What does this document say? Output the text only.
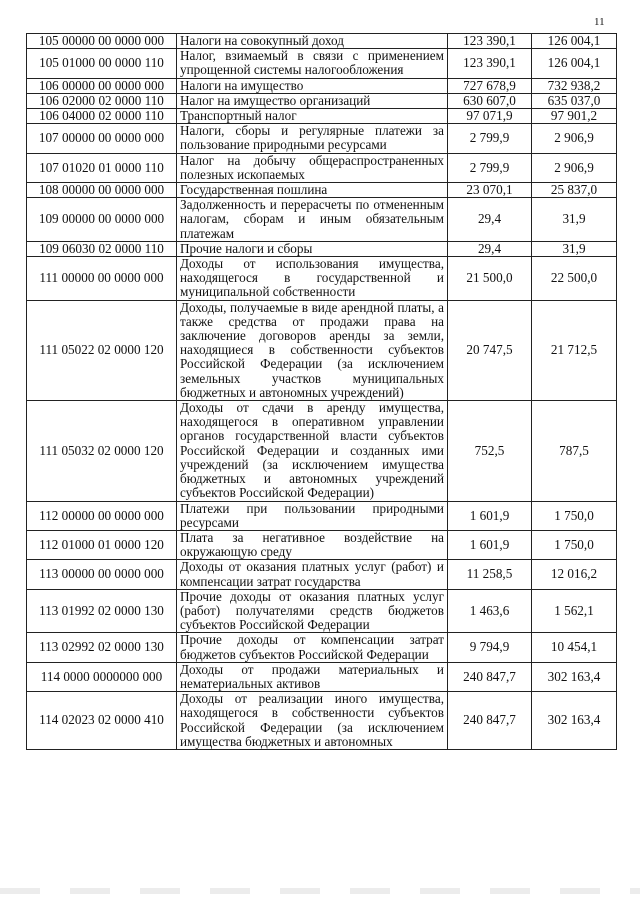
11
105 00000 00 0000 000	Налоги на совокупный доход	123 390,1	126 004,1
105 01000 00 0000 110	Налог, взимаемый в связи с применением упрощенной системы налогообложения	123 390,1	126 004,1
106 00000 00 0000 000	Налоги на имущество	727 678,9	732 938,2
106 02000 02 0000 110	Налог на имущество организаций	630 607,0	635 037,0
106 04000 02 0000 110	Транспортный налог	97 071,9	97 901,2
107 00000 00 0000 000	Налоги, сборы и регулярные платежи за пользование природными ресурсами	2 799,9	2 906,9
107 01020 01 0000 110	Налог на добычу общераспространенных полезных ископаемых	2 799,9	2 906,9
108 00000 00 0000 000	Государственная пошлина	23 070,1	25 837,0
109 00000 00 0000 000	Задолженность и перерасчеты по отмененным налогам, сборам и иным обязательным платежам	29,4	31,9
109 06030 02 0000 110	Прочие налоги и сборы	29,4	31,9
111 00000 00 0000 000	Доходы от использования имущества, находящегося в государственной и муниципальной собственности	21 500,0	22 500,0
111 05022 02 0000 120	Доходы, получаемые в виде арендной платы, а также средства от продажи права на заключение договоров аренды за земли, находящиеся в собственности субъектов Российской Федерации (за исключением земельных участков муниципальных бюджетных и автономных учреждений)	20 747,5	21 712,5
111 05032 02 0000 120	Доходы от сдачи в аренду имущества, находящегося в оперативном управлении органов государственной власти субъектов Российской Федерации и созданных ими учреждений (за исключением имущества бюджетных и автономных учреждений субъектов Российской Федерации)	752,5	787,5
112 00000 00 0000 000	Платежи при пользовании природными ресурсами	1 601,9	1 750,0
112 01000 01 0000 120	Плата за негативное воздействие на окружающую среду	1 601,9	1 750,0
113 00000 00 0000 000	Доходы от оказания платных услуг (работ) и компенсации затрат государства	11 258,5	12 016,2
113 01992 02 0000 130	Прочие доходы от оказания платных услуг (работ) получателями средств бюджетов субъектов Российской Федерации	1 463,6	1 562,1
113 02992 02 0000 130	Прочие доходы от компенсации затрат бюджетов субъектов Российской Федерации	9 794,9	10 454,1
114 0000 0000000 000	Доходы от продажи материальных и нематериальных активов	240 847,7	302 163,4
114 02023 02 0000 410	Доходы от реализации иного имущества, находящегося в собственности субъектов Российской Федерации (за исключением имущества бюджетных и автономных	240 847,7	302 163,4
